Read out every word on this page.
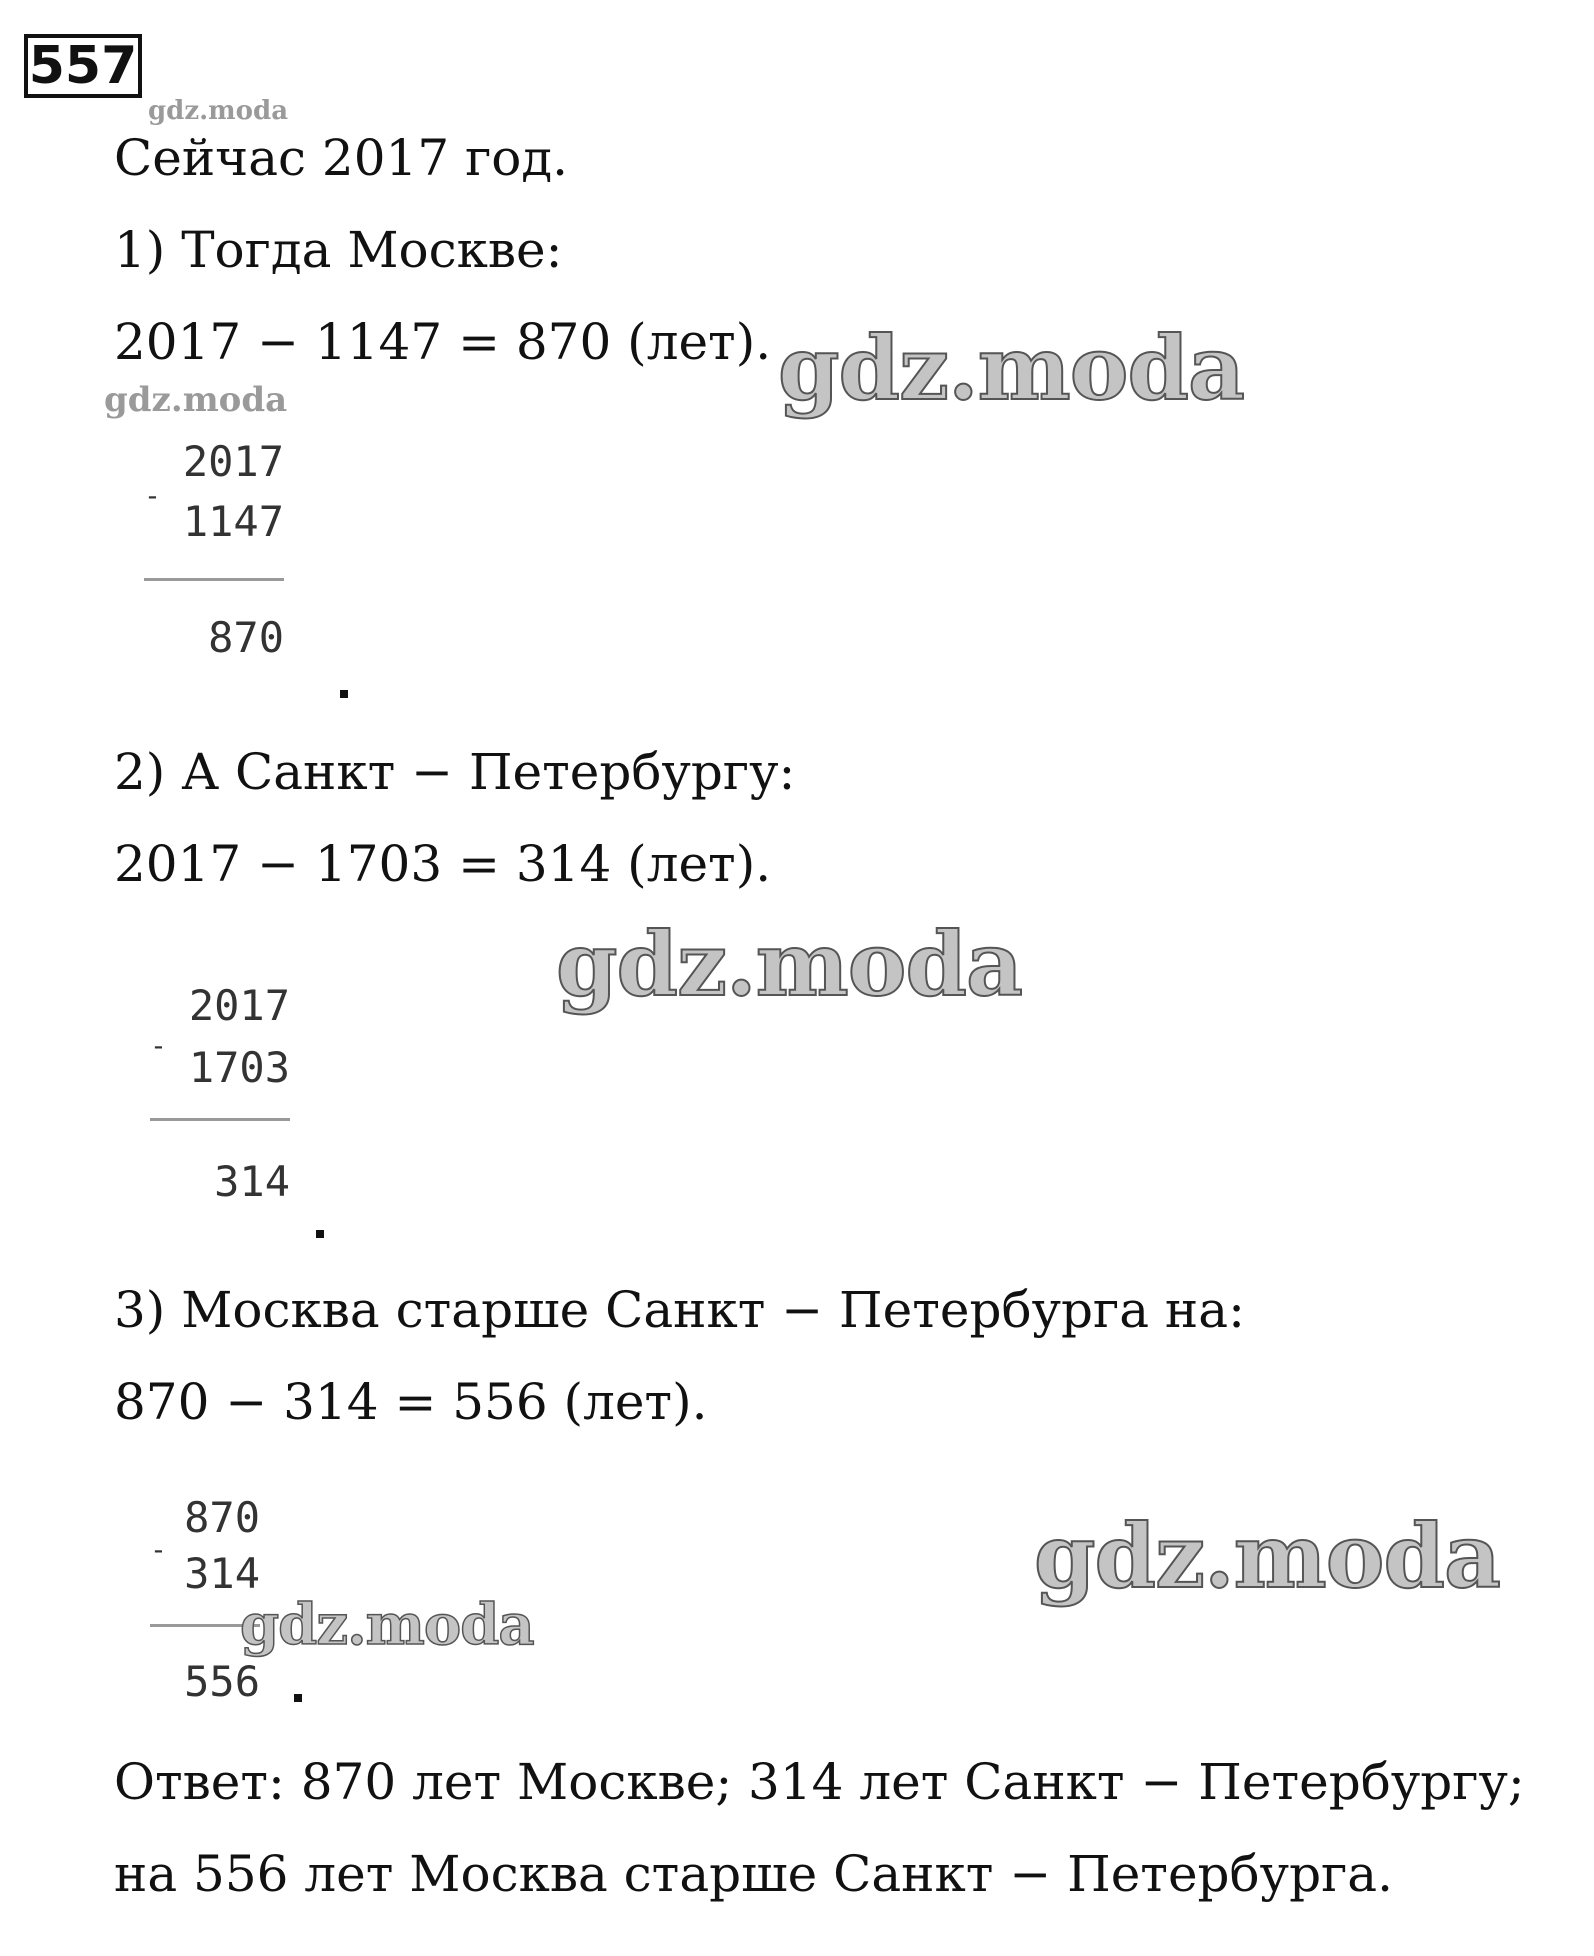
557
gdz.moda
Сейчас 2017 год.
1) Тогда Москве:
2017 − 1147 = 870 (лет). gdz.moda
gdz.moda
2017
-
1147
870
2) А Санкт − Петербургу:
2017 − 1703 = 314 (лет).
gdz.moda
2017
- 1703
314
3) Москва старше Санкт − Петербурга на:
870 − 314 = 556 (лет).
gdz.moda
870
- 314
556
gdz.moda
Ответ: 870 лет Москве; 314 лет Санкт − Петербургу;
на 556 лет Москва старше Санкт − Петербурга.
